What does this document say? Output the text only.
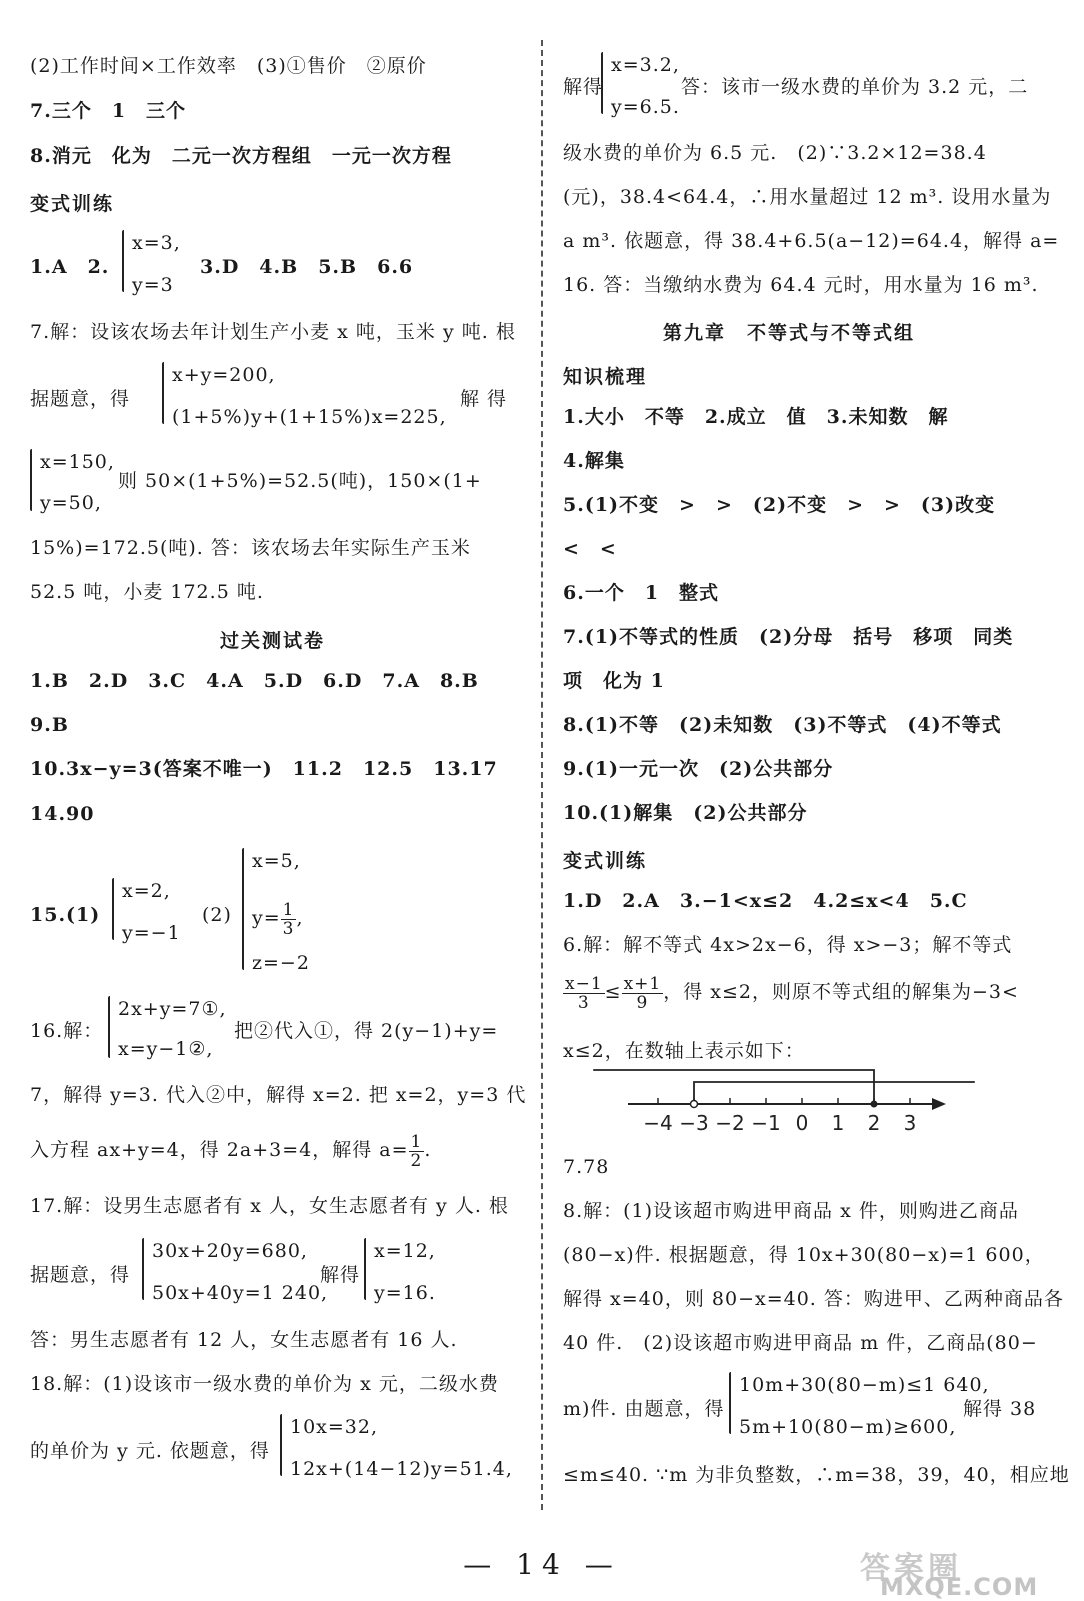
(2)工作时间×工作效率　(3)①售价　②原价
7.三个　1　三个
8.消元　化为　二元一次方程组　一元一次方程
变式训练
1.A　2.
x=3,
y=3
3.D　4.B　5.B　6.6
7.解：设该农场去年计划生产小麦 x 吨，玉米 y 吨. 根
据题意，得
x+y=200,
(1+5%)y+(1+15%)x=225,
解 得
x=150,
y=50,
则 50×(1+5%)=52.5(吨)，150×(1+
15%)=172.5(吨). 答：该农场去年实际生产玉米
52.5 吨，小麦 172.5 吨.
过关测试卷
1.B　2.D　3.C　4.A　5.D　6.D　7.A　8.B
9.B
10.3x−y=3(答案不唯一)　11.2　12.5　13.17
14.90
15.(1)
x=2,
y=−1
(2)
x=5,
$y= \frac{1}{3}$ ,
z=−2
16.解：
2x+y=7①,
x=y−1②,
把②代入①，得 2(y−1)+y=
7，解得 y=3. 代入②中，解得 x=2. 把 x=2，y=3 代
入方程 ax+y=4，得 2a+3=4，解得 $a= \frac{1}{2}$ .
17.解：设男生志愿者有 x 人，女生志愿者有 y 人. 根
据题意，得
30x+20y=680,
50x+40y=1 240,
解得
x=12,
y=16.
答：男生志愿者有 12 人，女生志愿者有 16 人.
18.解：(1)设该市一级水费的单价为 x 元，二级水费
的单价为 y 元. 依题意，得
10x=32,
12x+(14−12)y=51.4,
解得
x=3.2,
y=6.5.
答：该市一级水费的单价为 3.2 元，二
级水费的单价为 6.5 元.　(2)∵3.2×12=38.4
(元)，38.4<64.4，∴用水量超过 12 m³. 设用水量为
a m³. 依题意，得 38.4+6.5(a−12)=64.4，解得 a=
16. 答：当缴纳水费为 64.4 元时，用水量为 16 m³.
第九章　不等式与不等式组
知识梳理
1.大小　不等　2.成立　值　3.未知数　解
4.解集
5.(1)不变　>　>　(2)不变　>　>　(3)改变
<　<
6.一个　1　整式
7.(1)不等式的性质　(2)分母　括号　移项　同类
项　化为 1
8.(1)不等　(2)未知数　(3)不等式　(4)不等式
9.(1)一元一次　(2)公共部分
10.(1)解集　(2)公共部分
变式训练
1.D　2.A　3.−1<x≤2　4.2≤x<4　5.C
6.解：解不等式 4x>2x−6，得 x>−3；解不等式
$\frac{x-1}{3} \le \frac{x+1}{9}$ ，得 x≤2，则原不等式组的解集为−3<
x≤2，在数轴上表示如下：
−4 −3 −2 −1 0 1 2 3
7.78
8.解：(1)设该超市购进甲商品 x 件，则购进乙商品
(80−x)件. 根据题意，得 10x+30(80−x)=1 600，
解得 x=40，则 80−x=40. 答：购进甲、乙两种商品各
40 件.　(2)设该超市购进甲商品 m 件，乙商品(80−
m)件. 由题意，得
10m+30(80−m)≤1 640,
5m+10(80−m)≥600,
解得 38
≤m≤40. ∵m 为非负整数，∴m=38，39，40，相应地
— 14 —	答案圈
MXQE.COM
